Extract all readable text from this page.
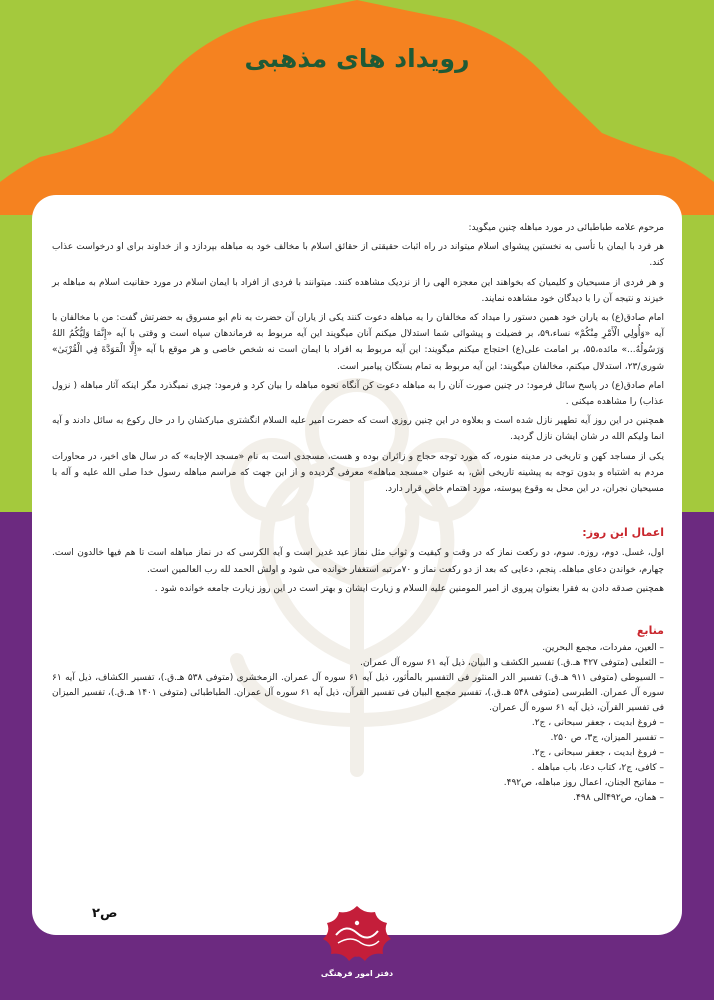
رویداد های مذهبی

مرحوم علامه طباطبائی در مورد مباهله چنین میگوید:

هر فرد با ایمان با تأسی به نخستین پیشوای اسلام میتواند در راه اثبات حقیقتی از حقائق اسلام با مخالف خود به مباهله بپردازد و از خداوند برای او درخواست عذاب کند.

و هر فردی از مسیحیان و کلیمیان که بخواهند این معجزه الهی را از نزدیک مشاهده کنند. میتوانند با فردی از افراد با ایمان اسلام در مورد حقانیت اسلام به مباهله بر خیزند و نتیجه آن را با دیدگان خود مشاهده نمایند.

امام صادق(ع) به یاران خود همین دستور را میداد که مخالفان را به مباهله دعوت کنند یکی از یاران آن حضرت به نام ابو مسروق به حضرتش گفت: من با مخالفان با آیه «وَأُولِي الْأَمْرِ مِنْكُمْ» نساء،۵۹، بر فضیلت و پیشوائی شما استدلال میکنم آنان میگویند این آیه مربوط به فرماندهان سپاه است و وقتی با آیه «إِنَّمَا وَلِيُّكُمُ اللهُ وَرَسُولُهُ...» مائده،۵۵، بر امامت علی(ع) احتجاج میکنم میگویند: این آیه مربوط به افراد با ایمان است نه شخص خاصی و هر موقع با آیه «إِلَّا الْمَوَدَّةَ فِي الْقُرْبَىٰ» شوری/۲۳، استدلال میکنم، مخالفان میگویند: این آیه مربوط به تمام بستگان پیامبر است.

امام صادق(ع) در پاسخ سائل فرمود: در چنین صورت آنان را به مباهله دعوت کن آنگاه نحوه مباهله را بیان کرد و فرمود: چیزی نمیگذرد مگر اینکه آثار مباهله ( نزول عذاب) را مشاهده میکنی .

همچنین در این روز آیه تطهیر نازل شده است و بعلاوه در این چنین روزی است که حضرت امیر علیه السلام انگشتری مبارکشان را در حال رکوع به سائل دادند و آیه انما ولیکم الله در شان ایشان نازل گردید.

یکی از مساجد کهن و تاریخی در مدینه منوره، که مورد توجه حجاج و زائران بوده و هست، مسجدی است به نام «مسجد الإجابه» که در سال های اخیر، در محاورات مردم به اشتباه و بدون توجه به پیشینه تاریخی اش، به عنوان «مسجد مباهله» معرفی گردیده و از این جهت که مراسم مباهله رسول خدا صلی الله علیه و آله با مسیحیان نجران، در این محل به وقوع پیوسته، مورد اهتمام خاص قرار دارد.

اعمال این روز:

اول، غسل. دوم، روزه. سوم، دو رکعت نماز که در وقت و کیفیت و ثواب مثل نماز عید غدیر است و آیه الکرسی که در نماز مباهله است تا هم فیها خالدون است. چهارم، خواندن دعای مباهله. پنجم، دعایی که بعد از دو رکعت نماز و ۷۰مرتبه استغفار خوانده می شود و اولش الحمد لله رب العالمین است.

همچنین صدقه دادن به فقرا بعنوان پیروی از امیر المومنین علیه السلام و زیارت ایشان و بهتر است در این روز زیارت جامعه خوانده شود .

منابع
– العین، مفردات، مجمع البحرین.
– الثعلبی (متوفی ۴۲۷ هـ.ق.) تفسیر الکشف و البیان، ذیل آیه ۶۱ سوره آل عمران.
– السیوطی (متوفی ۹۱۱ هـ.ق.) تفسیر الدر المنثور فی التفسیر بالمأثور، ذیل آیه ۶۱ سوره آل عمران. الزمخشری (متوفی ۵۳۸ هـ.ق.)، تفسیر الکشاف، ذیل آیه ۶۱ سوره آل عمران. الطبرسی (متوفی ۵۴۸ هـ.ق.)، تفسیر مجمع البیان فی تفسیر القرآن، ذیل آیه ۶۱ سوره آل عمران. الطباطبائی (متوفی ۱۴۰۱ هـ.ق.)، تفسیر المیزان فی تفسیر القرآن، ذیل آیه ۶۱ سوره آل عمران.
– فروغ ابدیت ، جعفر سبحانی ، ج۲.
– تفسیر المیزان، ج۳، ص ۲۵۰.
– فروغ ابدیت ، جعفر سبحانی ، ج۲.
– کافی، ج۲، کتاب دعا، باب مباهله .
– مفاتیح الجنان، اعمال روز مباهله، ص۴۹۲.
– همان، ص۴۹۲الی ۴۹۸.
ص۲
دفتر امور فرهنگی
